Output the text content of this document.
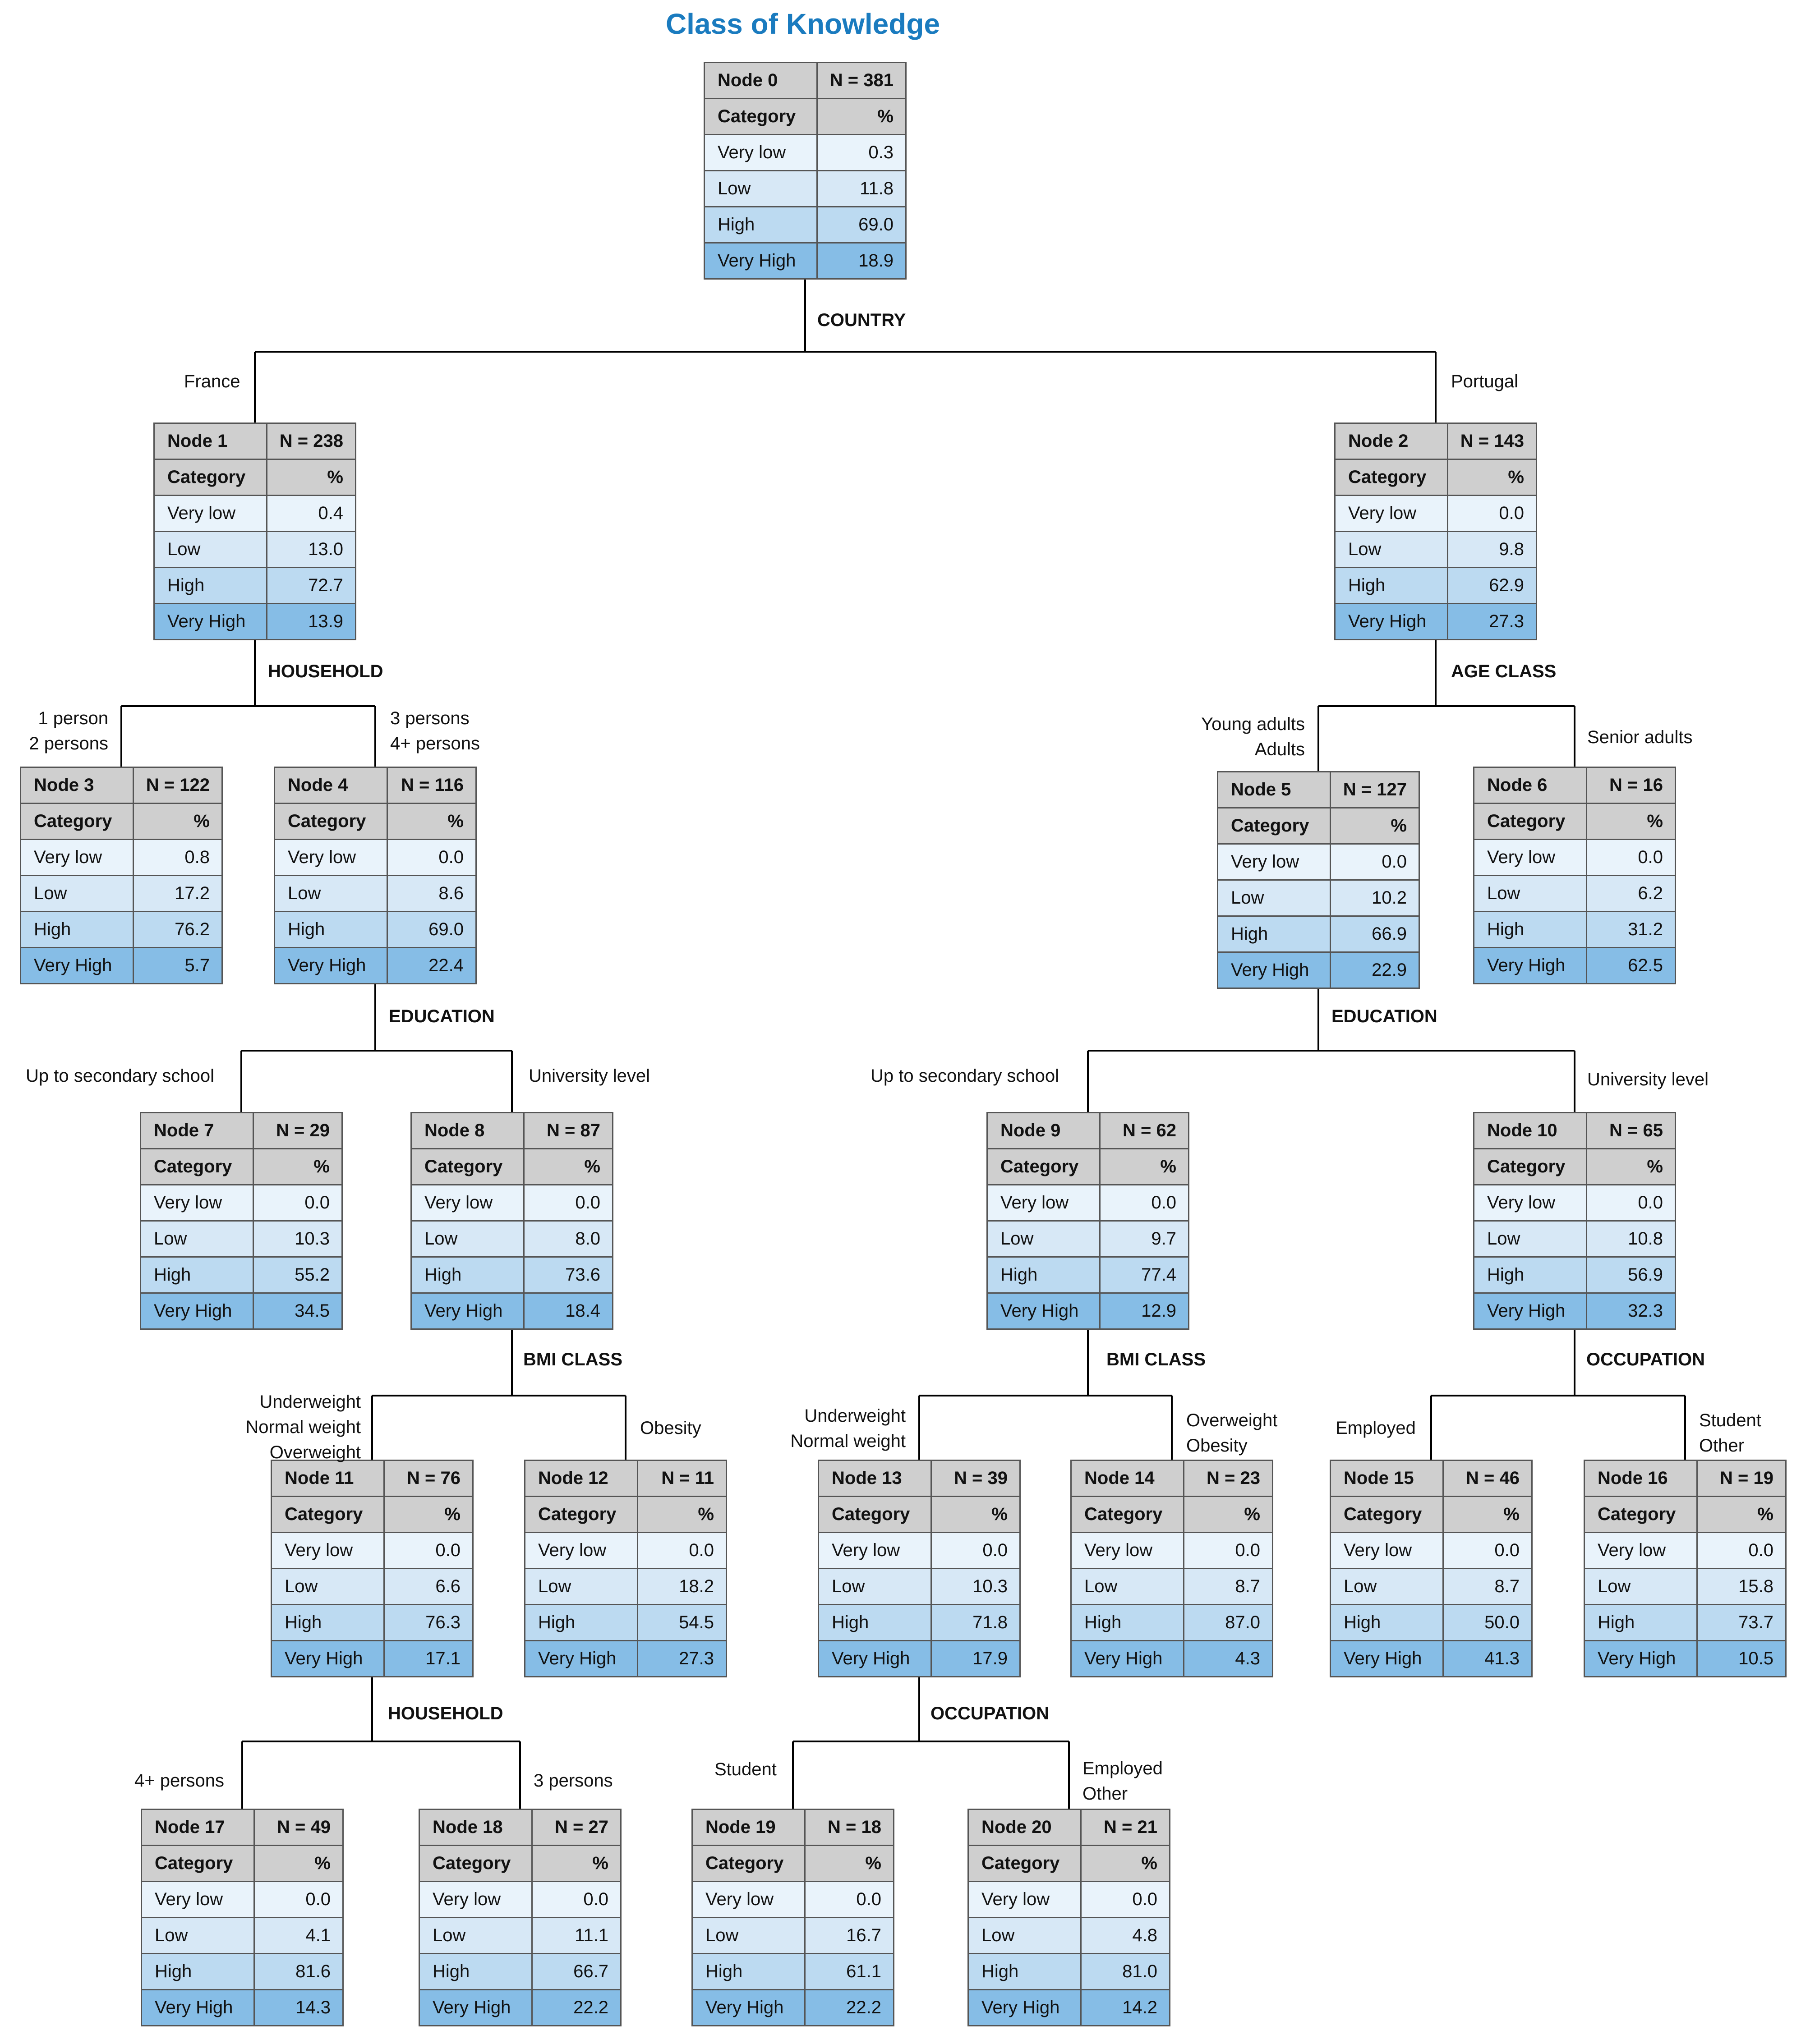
Class of Knowledge
Node 0	N = 381
Category	%
Very low	0.3
Low	11.8
High	69.0
Very High	18.9
Node 1	N = 238
Category	%
Very low	0.4
Low	13.0
High	72.7
Very High	13.9
Node 2	N = 143
Category	%
Very low	0.0
Low	9.8
High	62.9
Very High	27.3
Node 3	N = 122
Category	%
Very low	0.8
Low	17.2
High	76.2
Very High	5.7
Node 4	N = 116
Category	%
Very low	0.0
Low	8.6
High	69.0
Very High	22.4
Node 5	N = 127
Category	%
Very low	0.0
Low	10.2
High	66.9
Very High	22.9
Node 6	N = 16
Category	%
Very low	0.0
Low	6.2
High	31.2
Very High	62.5
Node 7	N = 29
Category	%
Very low	0.0
Low	10.3
High	55.2
Very High	34.5
Node 8	N = 87
Category	%
Very low	0.0
Low	8.0
High	73.6
Very High	18.4
Node 9	N = 62
Category	%
Very low	0.0
Low	9.7
High	77.4
Very High	12.9
Node 10	N = 65
Category	%
Very low	0.0
Low	10.8
High	56.9
Very High	32.3
Node 11	N = 76
Category	%
Very low	0.0
Low	6.6
High	76.3
Very High	17.1
Node 12	N = 11
Category	%
Very low	0.0
Low	18.2
High	54.5
Very High	27.3
Node 13	N = 39
Category	%
Very low	0.0
Low	10.3
High	71.8
Very High	17.9
Node 14	N = 23
Category	%
Very low	0.0
Low	8.7
High	87.0
Very High	4.3
Node 15	N = 46
Category	%
Very low	0.0
Low	8.7
High	50.0
Very High	41.3
Node 16	N = 19
Category	%
Very low	0.0
Low	15.8
High	73.7
Very High	10.5
Node 17	N = 49
Category	%
Very low	0.0
Low	4.1
High	81.6
Very High	14.3
Node 18	N = 27
Category	%
Very low	0.0
Low	11.1
High	66.7
Very High	22.2
Node 19	N = 18
Category	%
Very low	0.0
Low	16.7
High	61.1
Very High	22.2
Node 20	N = 21
Category	%
Very low	0.0
Low	4.8
High	81.0
Very High	14.2
COUNTRY
HOUSEHOLD	AGE CLASS
EDUCATION	EDUCATION
BMI CLASS	BMI CLASS	OCCUPATION
HOUSEHOLD	OCCUPATION
France	Portugal
1 person
2 persons
3 persons
4+ persons
Young adults
Adults
Senior adults
Up to secondary school	University level	Up to secondary school	University level
Underweight
Normal weight
Overweight
Obesity
Underweight
Normal weight
Overweight
Obesity
Employed	Student
Other
4+ persons	3 persons
Student	Employed
Other
